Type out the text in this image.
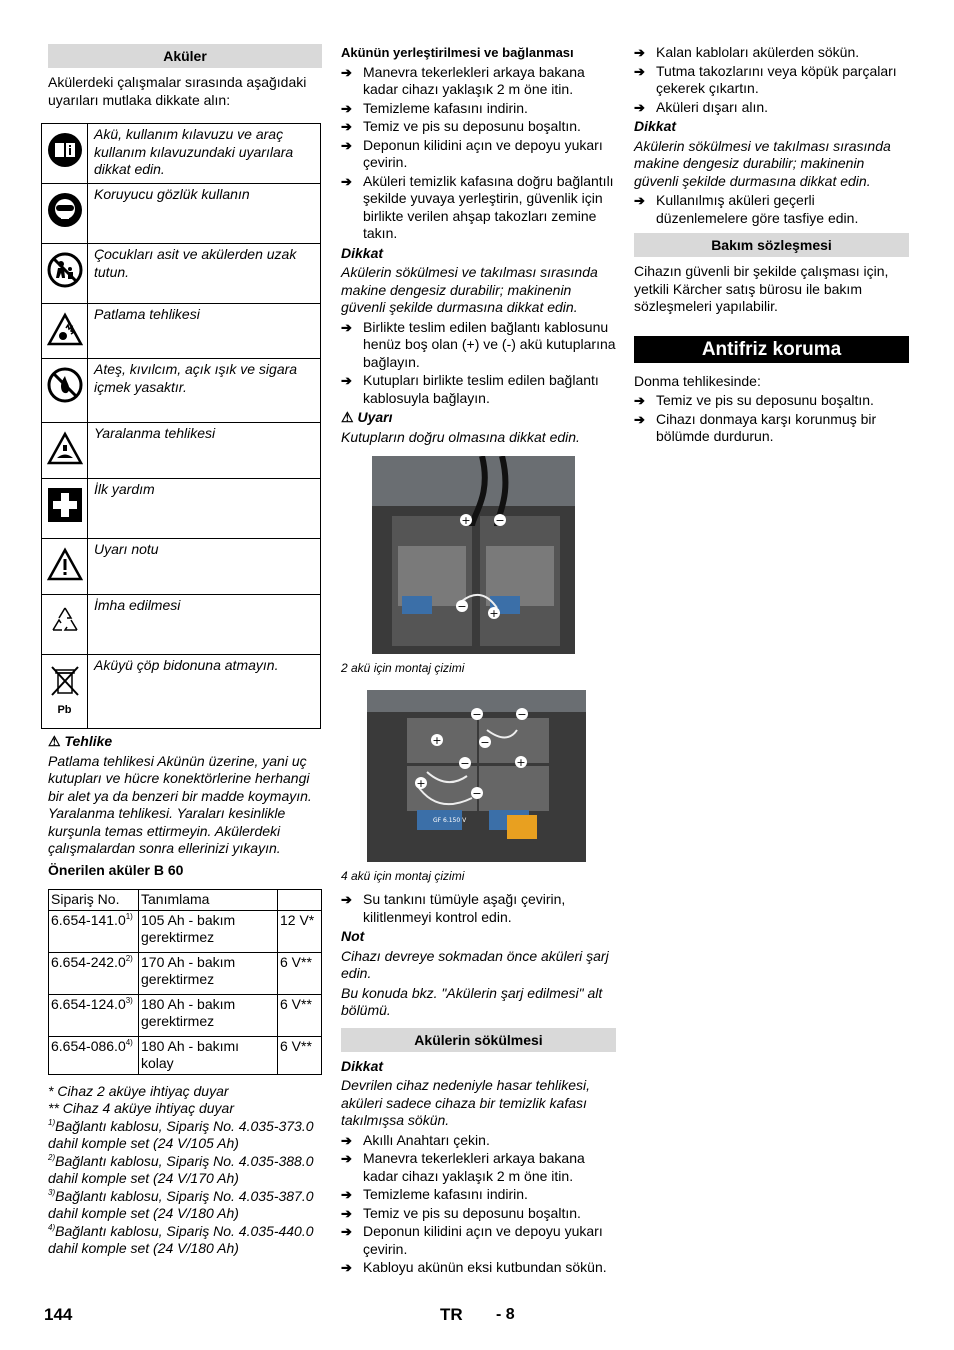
Aküler

Akülerdeki çalışmalar sırasında aşağıdaki uyarıları mutlaka dikkate alın:

	Akü, kullanım kılavuzu ve araç kullanım kılavuzundaki uyarılara dikkat edin.
	Koruyucu gözlük kullanın
	Çocukları asit ve akülerden uzak tutun.
	Patlama tehlikesi
	Ateş, kıvılcım, açık ışık ve sigara içmek yasaktır.
	Yaralanma tehlikesi
	İlk yardım
	Uyarı notu
	İmha edilmesi

Pb	Aküyü çöp bidonuna atmayın.

⚠ Tehlike

Patlama tehlikesi Akünün üzerine, yani uç kutupları ve hücre konektörlerine herhangi bir alet ya da benzeri bir madde koymayın. Yaralanma tehlikesi. Yaraları kesinlikle kurşunla temas ettirmeyin. Akülerdeki çalışmalardan sonra ellerinizi yıkayın.

Önerilen aküler B 60

Sipariş No.	Tanımlama	
6.654-141.0$^{1)}$	105 Ah - bakım gerektirmez	12 V*
6.654-242.0$^{2)}$	170 Ah - bakım gerektirmez	6 V**
6.654-124.0$^{3)}$	180 Ah - bakım gerektirmez	6 V**
6.654-086.0$^{4)}$	180 Ah - bakımı kolay	6 V**

* Cihaz 2 aküye ihtiyaç duyar

** Cihaz 4 aküye ihtiyaç duyar

$^{1)}$Bağlantı kablosu, Sipariş No. 4.035-373.0 dahil komple set (24 V/105 Ah)

$^{2)}$Bağlantı kablosu, Sipariş No. 4.035-388.0 dahil komple set (24 V/170 Ah)

$^{3)}$Bağlantı kablosu, Sipariş No. 4.035-387.0 dahil komple set (24 V/180 Ah)

$^{4)}$Bağlantı kablosu, Sipariş No. 4.035-440.0 dahil komple set (24 V/180 Ah)

Akünün yerleştirilmesi ve bağlanması

➔ Manevra tekerlekleri arkaya bakana kadar cihazı yaklaşık 2 m öne itin.
➔ Temizleme kafasını indirin.
➔ Temiz ve pis su deposunu boşaltın.
➔ Deponun kilidini açın ve depoyu yukarı çevirin.
➔ Aküleri temizlik kafasına doğru bağlantılı şekilde yuvaya yerleştirin, güvenlik için birlikte verilen ahşap takozları zemine takın.

Dikkat

Akülerin sökülmesi ve takılması sırasında makine dengesiz durabilir; makinenin güvenli şekilde durmasına dikkat edin.

➔ Birlikte teslim edilen bağlantı kablosunu henüz boş olan (+) ve (-) akü kutuplarına bağlayın.
➔ Kutupları birlikte teslim edilen bağlantı kablosuyla bağlayın.

⚠ Uyarı

Kutupların doğru olmasına dikkat edin.

+ −
−
+

2 akü için montaj çizimi

GF 6.150 V
−	−
+	−
−	+
+
−

4 akü için montaj çizimi

➔ Su tankını tümüyle aşağı çevirin, kilitlenmeyi kontrol edin.

Not

Cihazı devreye sokmadan önce aküleri şarj edin.

Bu konuda bkz. "Akülerin şarj edilmesi" alt bölümü.

Akülerin sökülmesi

Dikkat

Devrilen cihaz nedeniyle hasar tehlikesi, aküleri sadece cihaza bir temizlik kafası takılmışsa sökün.

➔ Akıllı Anahtarı çekin.
➔ Manevra tekerlekleri arkaya bakana kadar cihazı yaklaşık 2 m öne itin.
➔ Temizleme kafasını indirin.
➔ Temiz ve pis su deposunu boşaltın.
➔ Deponun kilidini açın ve depoyu yukarı çevirin.
➔ Kabloyu akünün eksi kutbundan sökün.
➔ Kalan kabloları akülerden sökün.
➔ Tutma takozlarını veya köpük parçaları çekerek çıkartın.
➔ Aküleri dışarı alın.

Dikkat

Akülerin sökülmesi ve takılması sırasında makine dengesiz durabilir; makinenin güvenli şekilde durmasına dikkat edin.

➔ Kullanılmış aküleri geçerli düzenlemelere göre tasfiye edin.
Bakım sözleşmesi

Cihazın güvenli bir şekilde çalışması için, yetkili Kärcher satış bürosu ile bakım sözleşmeleri yapılabilir.

Antifriz koruma

Donma tehlikesinde:

➔ Temiz ve pis su deposunu boşaltın.
➔ Cihazı donmaya karşı korunmuş bir bölümde durdurun.
144	TR - 8
